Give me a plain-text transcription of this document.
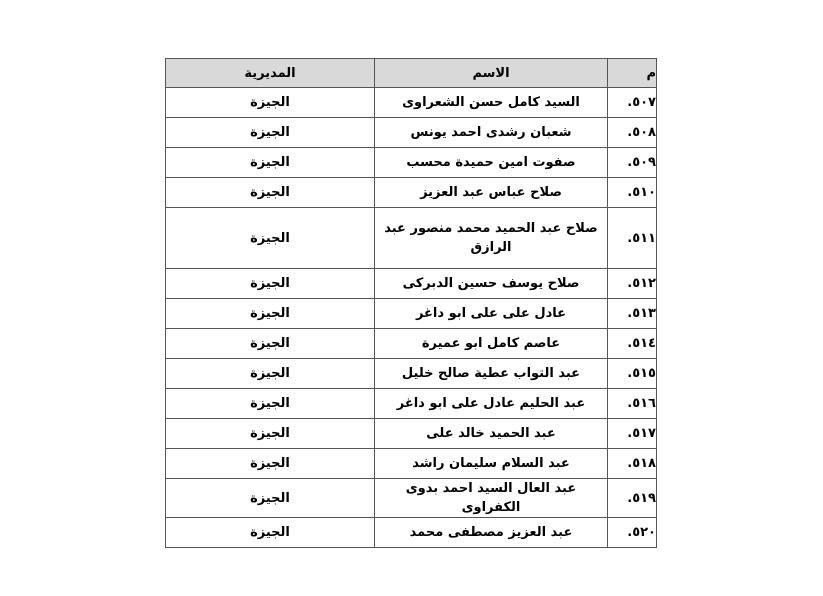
م	الاسم	المديرية
٥٠٧.	السيد كامل حسن الشعراوى	الجيزة
٥٠٨.	شعبان رشدى احمد يونس	الجيزة
٥٠٩.	صفوت امين حميدة محسب	الجيزة
٥١٠.	صلاح عباس عبد العزيز	الجيزة
٥١١.	صلاح عبد الحميد محمد منصور عبد الرازق	الجيزة
٥١٢.	صلاح يوسف حسين الدبركى	الجيزة
٥١٣.	عادل على على ابو داغر	الجيزة
٥١٤.	عاصم كامل ابو عميرة	الجيزة
٥١٥.	عبد التواب عطية صالح خليل	الجيزة
٥١٦.	عبد الحليم عادل على ابو داغر	الجيزة
٥١٧.	عبد الحميد خالد على	الجيزة
٥١٨.	عبد السلام سليمان راشد	الجيزة
٥١٩.	عبد العال السيد احمد بدوى الكفراوى	الجيزة
٥٢٠.	عبد العزيز مصطفى محمد	الجيزة
